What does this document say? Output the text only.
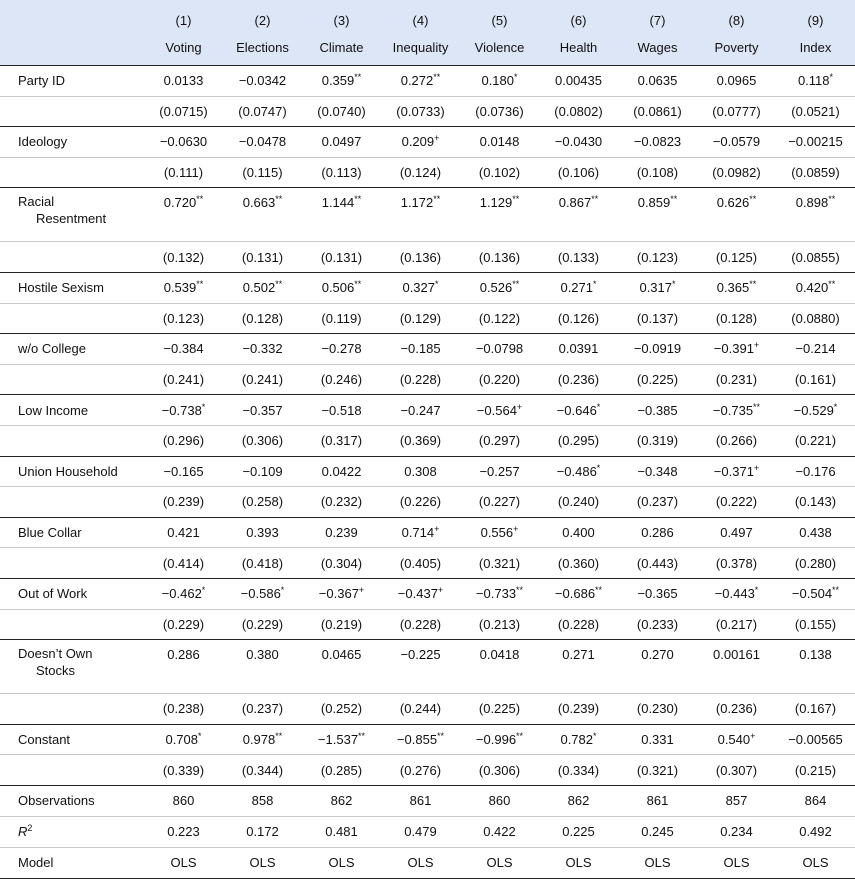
	(1)	(2)	(3)	(4)	(5)	(6)	(7)	(8)	(9)
	Voting	Elections	Climate	Inequality	Violence	Health	Wages	Poverty	Index
Party ID	0.0133	−0.0342	0.359**	0.272**	0.180*	0.00435	0.0635	0.0965	0.118*
	(0.0715)	(0.0747)	(0.0740)	(0.0733)	(0.0736)	(0.0802)	(0.0861)	(0.0777)	(0.0521)
Ideology	−0.0630	−0.0478	0.0497	0.209+	0.0148	−0.0430	−0.0823	−0.0579	−0.00215
	(0.111)	(0.115)	(0.113)	(0.124)	(0.102)	(0.106)	(0.108)	(0.0982)	(0.0859)
Racial
Resentment	0.720**	0.663**	1.144**	1.172**	1.129**	0.867**	0.859**	0.626**	0.898**
	(0.132)	(0.131)	(0.131)	(0.136)	(0.136)	(0.133)	(0.123)	(0.125)	(0.0855)
Hostile Sexism	0.539**	0.502**	0.506**	0.327*	0.526**	0.271*	0.317*	0.365**	0.420**
	(0.123)	(0.128)	(0.119)	(0.129)	(0.122)	(0.126)	(0.137)	(0.128)	(0.0880)
w/o College	−0.384	−0.332	−0.278	−0.185	−0.0798	0.0391	−0.0919	−0.391+	−0.214
	(0.241)	(0.241)	(0.246)	(0.228)	(0.220)	(0.236)	(0.225)	(0.231)	(0.161)
Low Income	−0.738*	−0.357	−0.518	−0.247	−0.564+	−0.646*	−0.385	−0.735**	−0.529*
	(0.296)	(0.306)	(0.317)	(0.369)	(0.297)	(0.295)	(0.319)	(0.266)	(0.221)
Union Household	−0.165	−0.109	0.0422	0.308	−0.257	−0.486*	−0.348	−0.371+	−0.176
	(0.239)	(0.258)	(0.232)	(0.226)	(0.227)	(0.240)	(0.237)	(0.222)	(0.143)
Blue Collar	0.421	0.393	0.239	0.714+	0.556+	0.400	0.286	0.497	0.438
	(0.414)	(0.418)	(0.304)	(0.405)	(0.321)	(0.360)	(0.443)	(0.378)	(0.280)
Out of Work	−0.462*	−0.586*	−0.367+	−0.437+	−0.733**	−0.686**	−0.365	−0.443*	−0.504**
	(0.229)	(0.229)	(0.219)	(0.228)	(0.213)	(0.228)	(0.233)	(0.217)	(0.155)
Doesn’t Own
Stocks	0.286	0.380	0.0465	−0.225	0.0418	0.271	0.270	0.00161	0.138
	(0.238)	(0.237)	(0.252)	(0.244)	(0.225)	(0.239)	(0.230)	(0.236)	(0.167)
Constant	0.708*	0.978**	−1.537**	−0.855**	−0.996**	0.782*	0.331	0.540+	−0.00565
	(0.339)	(0.344)	(0.285)	(0.276)	(0.306)	(0.334)	(0.321)	(0.307)	(0.215)
Observations	860	858	862	861	860	862	861	857	864
$R^2$	0.223	0.172	0.481	0.479	0.422	0.225	0.245	0.234	0.492
Model	OLS	OLS	OLS	OLS	OLS	OLS	OLS	OLS	OLS
